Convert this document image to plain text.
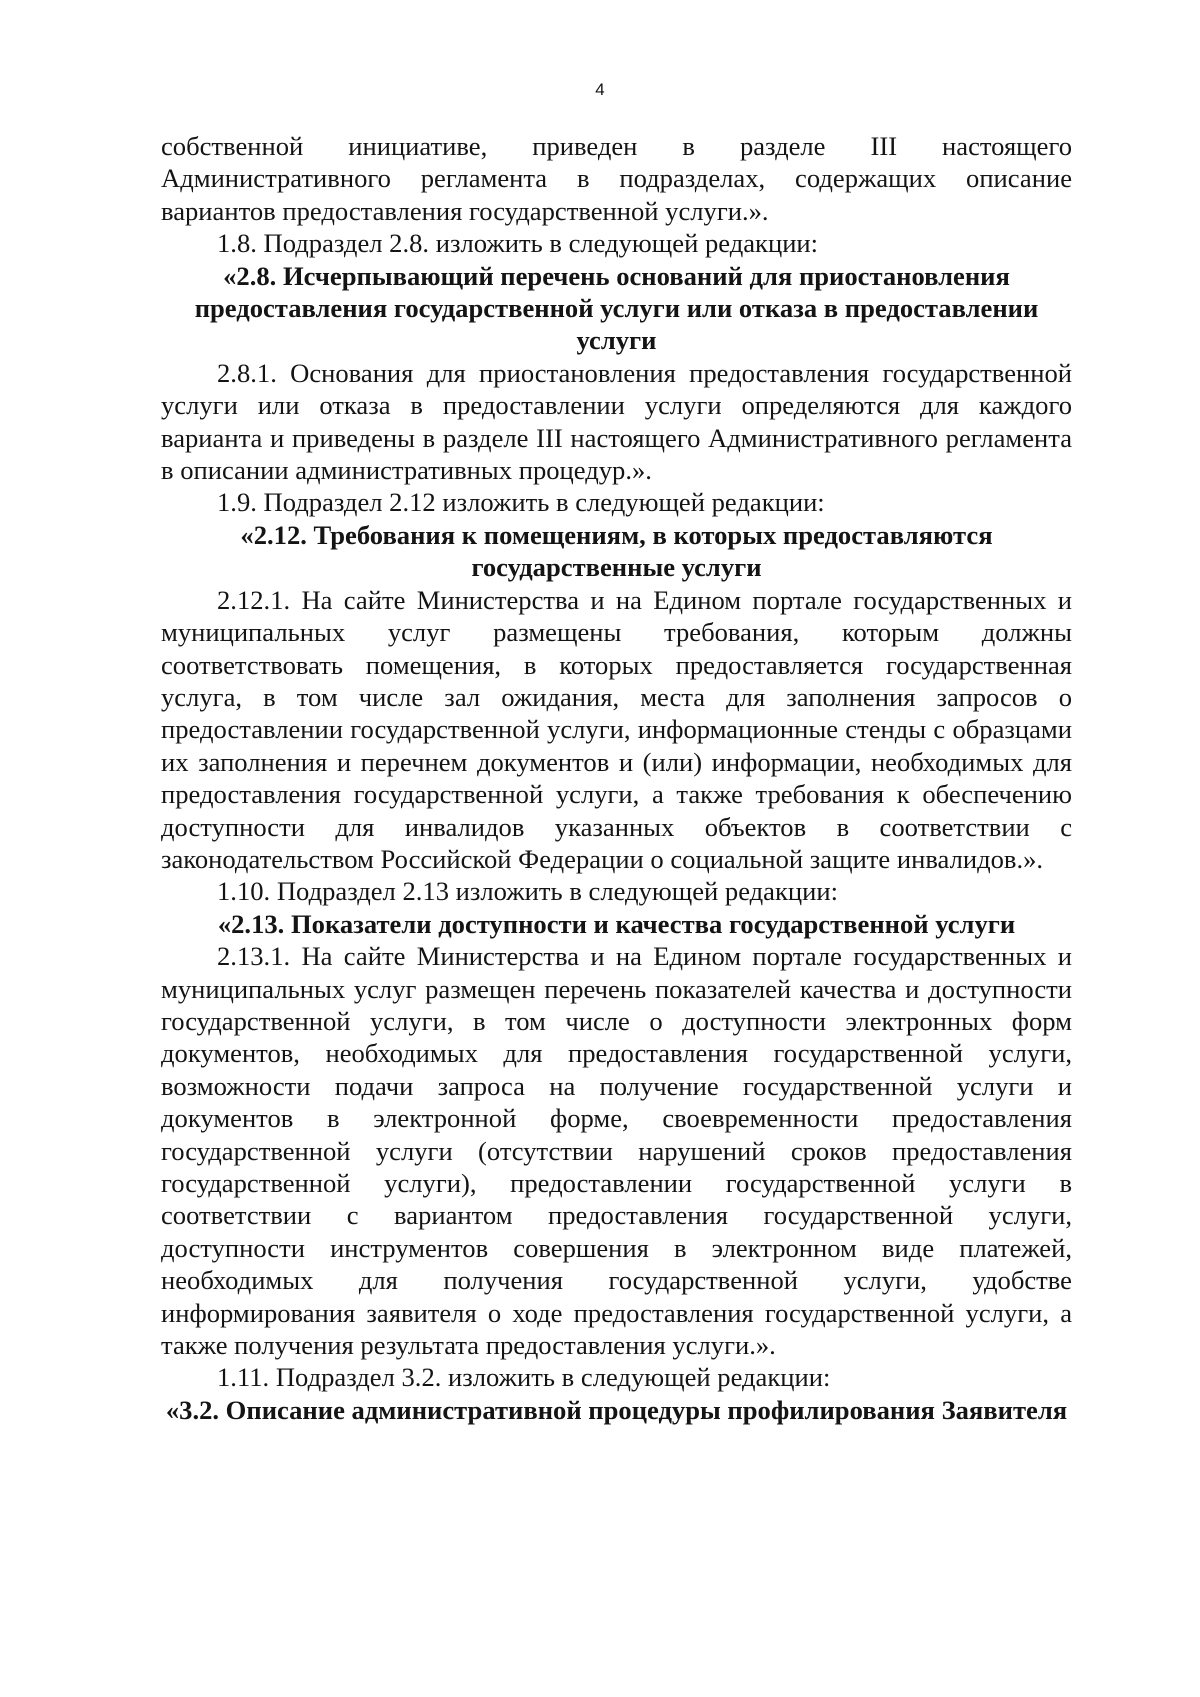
4

собственной инициативе, приведен в разделе III настоящего Административного регламента в подразделах, содержащих описание вариантов предоставления государственной услуги.».

1.8. Подраздел 2.8. изложить в следующей редакции:

«2.8. Исчерпывающий перечень оснований для приостановления предоставления государственной услуги или отказа в предоставлении услуги

2.8.1. Основания для приостановления предоставления государственной услуги или отказа в предоставлении услуги определяются для каждого варианта и приведены в разделе III настоящего Административного регламента в описании административных процедур.».

1.9. Подраздел 2.12 изложить в следующей редакции:

«2.12. Требования к помещениям, в которых предоставляются государственные услуги

2.12.1. На сайте Министерства и на Едином портале государственных и муниципальных услуг размещены требования, которым должны соответствовать помещения, в которых предоставляется государственная услуга, в том числе зал ожидания, места для заполнения запросов о предоставлении государственной услуги, информационные стенды с образцами их заполнения и перечнем документов и (или) информации, необходимых для предоставления государственной услуги, а также требования к обеспечению доступности для инвалидов указанных объектов в соответствии с законодательством Российской Федерации о социальной защите инвалидов.».

1.10. Подраздел 2.13 изложить в следующей редакции:

«2.13. Показатели доступности и качества государственной услуги

2.13.1. На сайте Министерства и на Едином портале государственных и муниципальных услуг размещен перечень показателей качества и доступности государственной услуги, в том числе о доступности электронных форм документов, необходимых для предоставления государственной услуги, возможности подачи запроса на получение государственной услуги и документов в электронной форме, своевременности предоставления государственной услуги (отсутствии нарушений сроков предоставления государственной услуги), предоставлении государственной услуги в соответствии с вариантом предоставления государственной услуги, доступности инструментов совершения в электронном виде платежей, необходимых для получения государственной услуги, удобстве информирования заявителя о ходе предоставления государственной услуги, а также получения результата предоставления услуги.».

1.11. Подраздел 3.2. изложить в следующей редакции:

«3.2. Описание административной процедуры профилирования Заявителя
